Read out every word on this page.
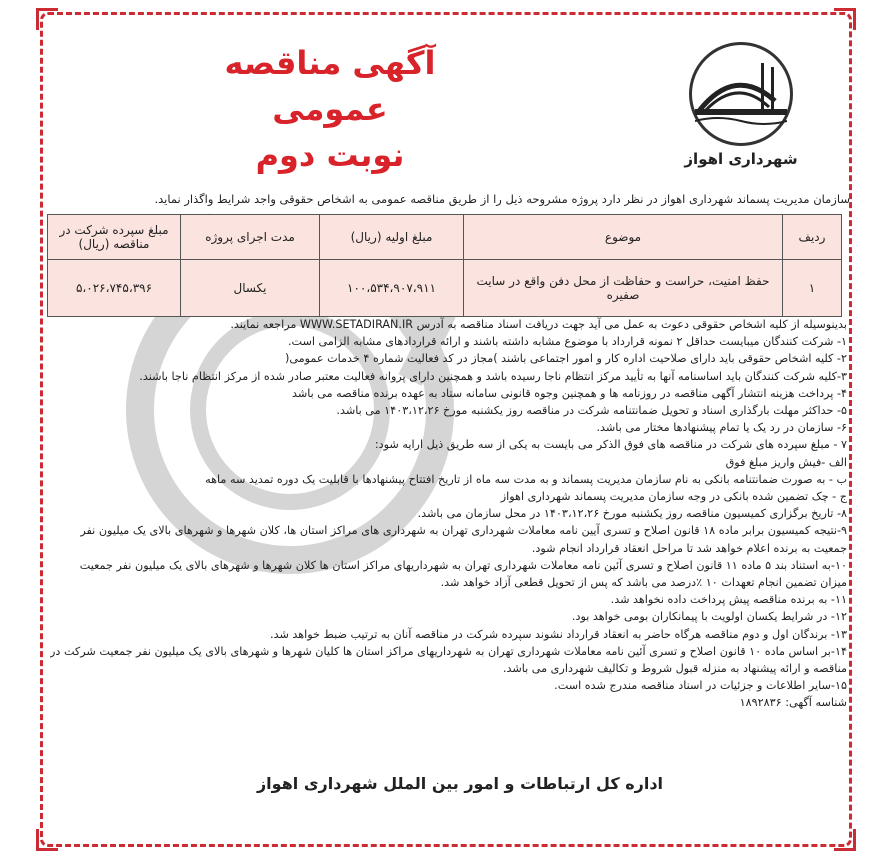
شهرداری اهواز
آگهی مناقصه عمومی
نوبت دوم
سازمان مدیریت پسماند شهرداری اهواز در نظر دارد پروژه مشروحه ذیل را از طریق مناقصه عمومی به اشخاص حقوقی واجد شرایط واگذار نماید.
ردیف	موضوع	مبلغ اولیه (ریال)	مدت اجرای پروژه	مبلغ سپرده شرکت در مناقصه (ریال)
۱	حفظ امنیت، حراست و حفاظت از محل دفن واقع در سایت صفیره	۱۰۰،۵۳۴،۹۰۷،۹۱۱	یکسال	۵،۰۲۶،۷۴۵،۳۹۶
بدینوسیله از کلیه اشخاص حقوقی دعوت به عمل می آید جهت دریافت اسناد مناقصه به آدرس WWW.SETADIRAN.IR مراجعه نمایند.
۱- شرکت کنندگان میبایست حداقل ۲ نمونه قرارداد با موضوع مشابه داشته باشند و ارائه قراردادهای مشابه الزامی است.
۲- کلیه اشخاص حقوقی باید دارای صلاحیت اداره کار و امور اجتماعی باشند )مجاز در کد فعالیت شماره ۴ خدمات عمومی(
۳-کلیه شرکت کنندگان باید اساسنامه آنها به تأیید مرکز انتظام ناجا رسیده باشد و همچنین دارای پروانه فعالیت معتبر صادر شده از مرکز انتظام ناجا باشند.
۴- پرداخت هزینه انتشار آگهی مناقصه در روزنامه ها و همچنین وجوه قانونی سامانه ستاد به عهده برنده مناقصه می باشد
۵- حداکثر مهلت بارگذاری اسناد و تحویل ضمانتنامه شرکت در مناقصه روز یکشنبه مورخ ۱۴۰۳،۱۲،۲۶ می باشد.
۶- سازمان در رد یک یا تمام پیشنهادها مختار می باشد.
۷ - مبلغ سپرده های شرکت در مناقصه های فوق الذکر می بایست به یکی از سه طریق ذیل ارایه شود:
الف -فیش واریز مبلغ فوق
ب - به صورت ضمانتنامه بانکی به نام سازمان مدیریت پسماند و به مدت سه ماه از تاریخ افتتاح پیشنهادها با قابلیت یک دوره تمدید سه ماهه
ج - چک تضمین شده بانکی در وجه سازمان مدیریت پسماند شهرداری اهواز
۸- تاریخ برگزاری کمیسیون مناقصه روز یکشنبه مورخ ۱۴۰۳،۱۲،۲۶ در محل سازمان می باشد.
۹-نتیجه کمیسیون برابر ماده ۱۸ قانون اصلاح و تسری آیین نامه معاملات شهرداری تهران به شهرداری های مراکز استان ها، کلان شهرها و شهرهای بالای یک میلیون نفر جمعیت به برنده اعلام خواهد شد تا مراحل انعقاد قرارداد انجام شود.
۱۰-به استناد بند ۵ ماده ۱۱ قانون اصلاح و تسری آئین نامه معاملات شهرداری تهران به شهرداریهای مراکز استان ها کلان شهرها و شهرهای بالای یک میلیون نفر جمعیت میزان تضمین انجام تعهدات ۱۰ ٪درصد می باشد که پس از تحویل قطعی آزاد خواهد شد.
۱۱- به برنده مناقصه پیش پرداخت داده نخواهد شد.
۱۲- در شرایط یکسان اولویت با پیمانکاران بومی خواهد بود.
۱۳- برندگان اول و دوم مناقصه هرگاه حاضر به انعقاد قرارداد نشوند سپرده شرکت در مناقصه آنان به ترتیب ضبط خواهد شد.
۱۴-بر اساس ماده ۱۰ قانون اصلاح و تسری آئین نامه معاملات شهرداری تهران به شهرداریهای مراکز استان ها کلیان شهرها و شهرهای بالای یک میلیون نفر جمعیت شرکت در مناقصه و ارائه پیشنهاد به منزله قبول شروط و تکالیف شهرداری می باشد.
۱۵-سایر اطلاعات و جزئیات در اسناد مناقصه مندرج شده است.
شناسه آگهی: ۱۸۹۲۸۳۶
اداره کل ارتباطات و امور بین الملل شهرداری اهواز
